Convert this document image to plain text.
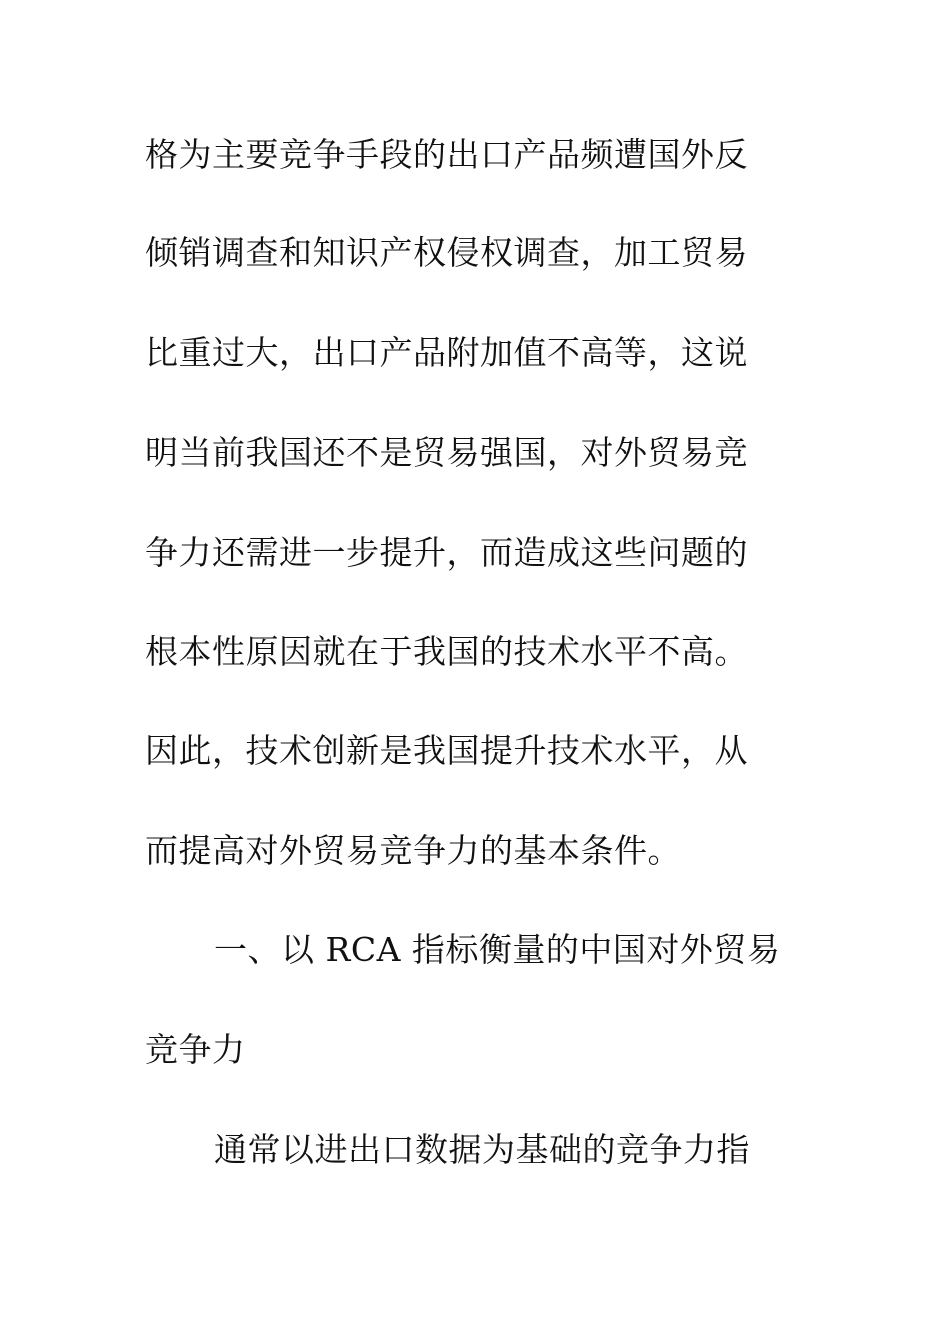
格为主要竞争手段的出口产品频遭国外反
倾销调查和知识产权侵权调查，加工贸易
比重过大，出口产品附加值不高等，这说
明当前我国还不是贸易强国，对外贸易竞
争力还需进一步提升，而造成这些问题的
根本性原因就在于我国的技术水平不高。
因此，技术创新是我国提升技术水平，从
而提高对外贸易竞争力的基本条件。
一、以 RCA 指标衡量的中国对外贸易
竞争力
通常以进出口数据为基础的竞争力指
